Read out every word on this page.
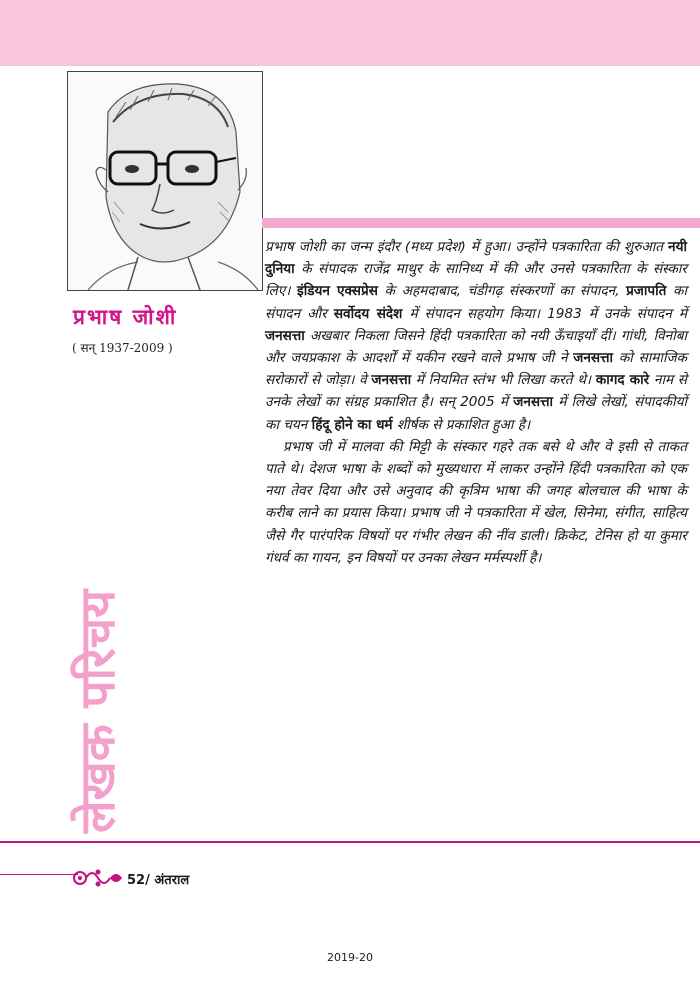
प्रभाष जोशी
( सन् 1937-2009 )

प्रभाष जोशी का जन्म इंदौर (मध्य प्रदेश) में हुआ। उन्होंने पत्रकारिता की शुरुआत नयी दुनिया के संपादक राजेंद्र माथुर के सानिध्य में की और उनसे पत्रकारिता के संस्कार लिए। इंडियन एक्सप्रेस के अहमदाबाद, चंडीगढ़ संस्करणों का संपादन, प्रजापति का संपादन और सर्वोदय संदेश में संपादन सहयोग किया। 1983 में उनके संपादन में जनसत्ता अखबार निकला जिसने हिंदी पत्रकारिता को नयी ऊँचाइयाँ दीं। गांधी, विनोबा और जयप्रकाश के आदर्शों में यकीन रखने वाले प्रभाष जी ने जनसत्ता को सामाजिक सरोकारों से जोड़ा। वे जनसत्ता में नियमित स्तंभ भी लिखा करते थे। कागद कारे नाम से उनके लेखों का संग्रह प्रकाशित है। सन् 2005 में जनसत्ता में लिखे लेखों, संपादकीयों का चयन हिंदू होने का धर्म शीर्षक से प्रकाशित हुआ है।

प्रभाष जी में मालवा की मिट्टी के संस्कार गहरे तक बसे थे और वे इसी से ताकत पाते थे। देशज भाषा के शब्दों को मुख्यधारा में लाकर उन्होंने हिंदी पत्रकारिता को एक नया तेवर दिया और उसे अनुवाद की कृत्रिम भाषा की जगह बोलचाल की भाषा के करीब लाने का प्रयास किया। प्रभाष जी ने पत्रकारिता में खेल, सिनेमा, संगीत, साहित्य जैसे गैर पारंपरिक विषयों पर गंभीर लेखन की नींव डाली। क्रिकेट, टेनिस हो या कुमार गंधर्व का गायन, इन विषयों पर उनका लेखन मर्मस्पर्शी है।

लेखक परिचय
52/ अंतराल
2019-20
